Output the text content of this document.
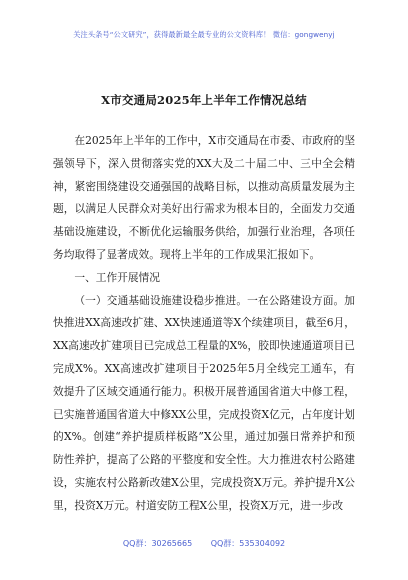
关注头条号“公文研究”，获得最新最全最专业的公文资料库！ 微信：gongwenyj
X市交通局2025年上半年工作情况总结

在2025年上半年的工作中，X市交通局在市委、市政府的坚强领导下，深入贯彻落实党的XX大及二十届二中、三中全会精神，紧密围绕建设交通强国的战略目标，以推动高质量发展为主题，以满足人民群众对美好出行需求为根本目的，全面发力交通基础设施建设，不断优化运输服务供给，加强行业治理，各项任务均取得了显著成效。现将上半年的工作成果汇报如下。

一、工作开展情况

（一）交通基础设施建设稳步推进。一在公路建设方面。加快推进XX高速改扩建、XX快速通道等X个续建项目，截至6月，XX高速改扩建项目已完成总工程量的X%，胶即快速通道项目已完成X%。XX高速改扩建项目于2025年5月全线完工通车，有效提升了区域交通通行能力。积极开展普通国省道大中修工程，已实施普通国省道大中修XX公里，完成投资X亿元，占年度计划的X%。创建“养护提质样板路”X公里，通过加强日常养护和预防性养护，提高了公路的平整度和安全性。大力推进农村公路建设，实施农村公路新改建X公里，完成投资X万元。养护提升X公里，投资X万元。村道安防工程X公里，投资X万元，进一步改

QQ群：30265665 QQ群：535304092
